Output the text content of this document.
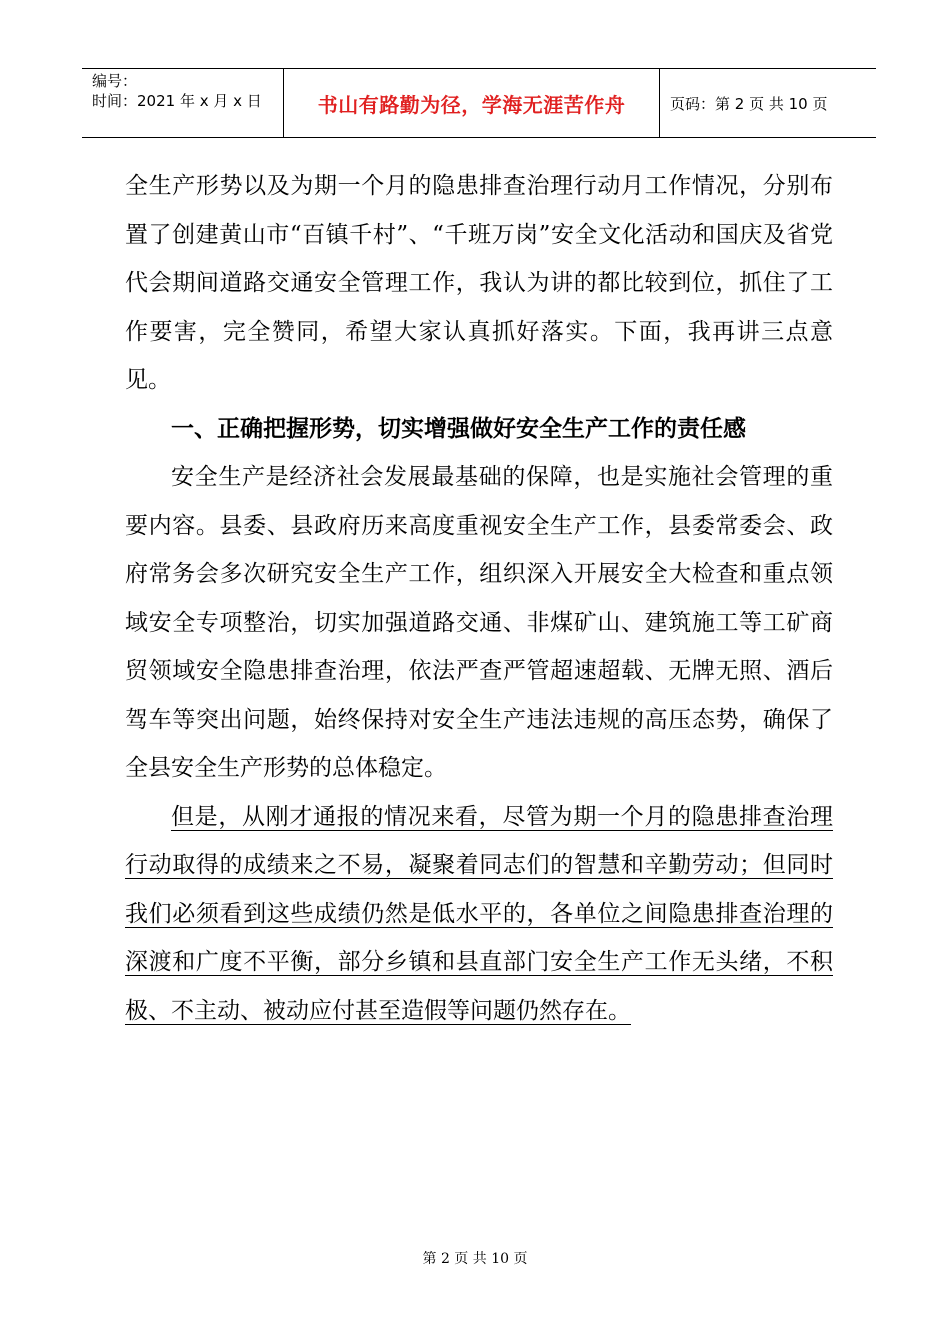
编号：
时间：2021 年 x 月 x 日	书山有路勤为径，学海无涯苦作舟	页码：第 2 页 共 10 页

全生产形势以及为期一个月的隐患排查治理行动月工作情况，分别布置了创建黄山市“百镇千村”、“千班万岗”安全文化活动和国庆及省党代会期间道路交通安全管理工作，我认为讲的都比较到位，抓住了工作要害，完全赞同，希望大家认真抓好落实。下面，我再讲三点意见。

一、正确把握形势，切实增强做好安全生产工作的责任感

安全生产是经济社会发展最基础的保障，也是实施社会管理的重要内容。县委、县政府历来高度重视安全生产工作，县委常委会、政府常务会多次研究安全生产工作，组织深入开展安全大检查和重点领域安全专项整治，切实加强道路交通、非煤矿山、建筑施工等工矿商贸领域安全隐患排查治理，依法严查严管超速超载、无牌无照、酒后驾车等突出问题，始终保持对安全生产违法违规的高压态势，确保了全县安全生产形势的总体稳定。

但是，从刚才通报的情况来看，尽管为期一个月的隐患排查治理行动取得的成绩来之不易，凝聚着同志们的智慧和辛勤劳动；但同时我们必须看到这些成绩仍然是低水平的，各单位之间隐患排查治理的深渡和广度不平衡，部分乡镇和县直部门安全生产工作无头绪，不积极、不主动、被动应付甚至造假等问题仍然存在。

第 2 页 共 10 页
